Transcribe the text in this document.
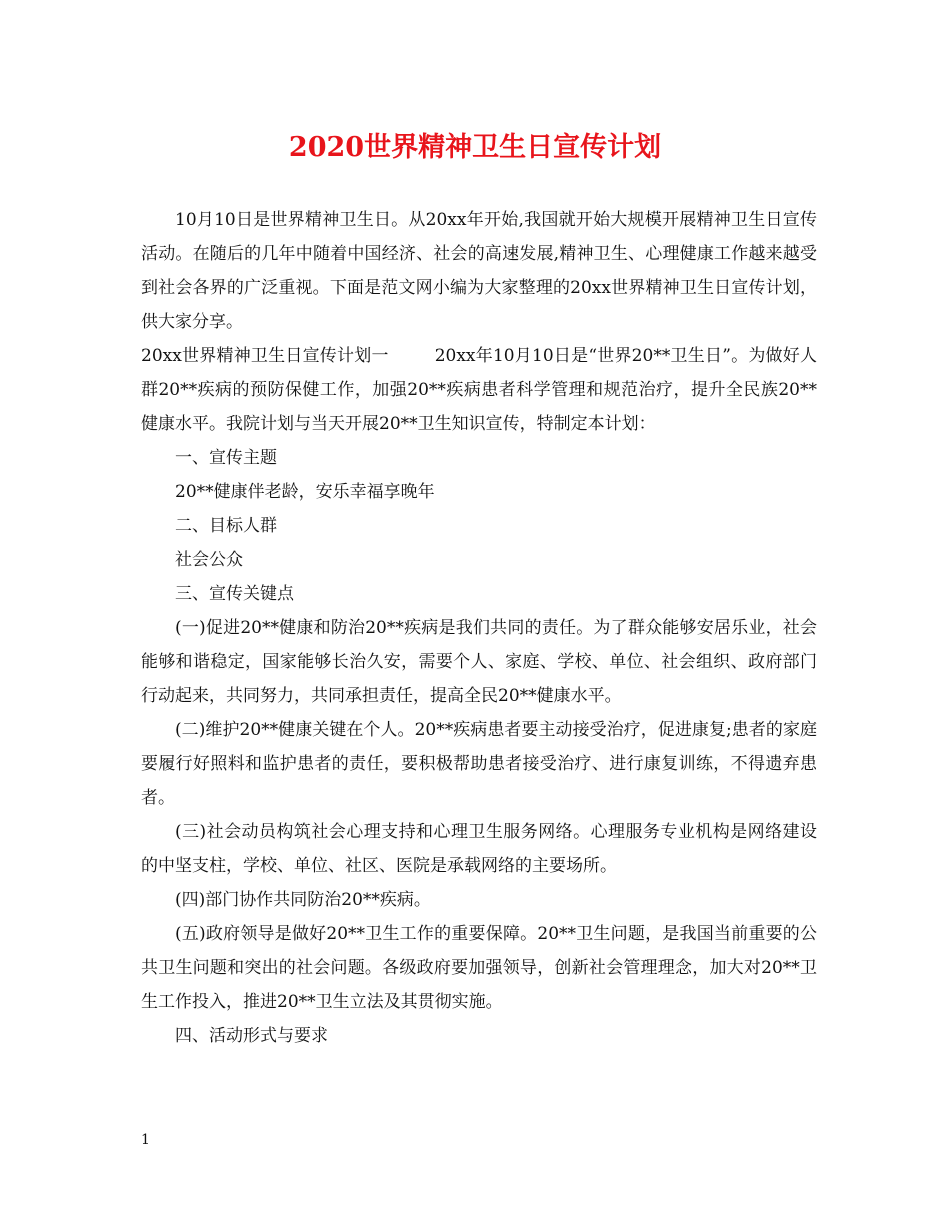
2020世界精神卫生日宣传计划

10月10日是世界精神卫生日。从20xx年开始,我国就开始大规模开展精神卫生日宣传活动。在随后的几年中随着中国经济、社会的高速发展,精神卫生、心理健康工作越来越受到社会各界的广泛重视。下面是范文网小编为大家整理的20xx世界精神卫生日宣传计划，供大家分享。

20xx世界精神卫生日宣传计划一	20xx年10月10日是“世界20**卫生日”。为做好人群20**疾病的预防保健工作，加强20**疾病患者科学管理和规范治疗，提升全民族20**健康水平。我院计划与当天开展20**卫生知识宣传，特制定本计划：

一、宣传主题

20**健康伴老龄，安乐幸福享晚年

二、目标人群

社会公众

三、宣传关键点

(一)促进20**健康和防治20**疾病是我们共同的责任。为了群众能够安居乐业，社会能够和谐稳定，国家能够长治久安，需要个人、家庭、学校、单位、社会组织、政府部门行动起来，共同努力，共同承担责任，提高全民20**健康水平。

(二)维护20**健康关键在个人。20**疾病患者要主动接受治疗，促进康复;患者的家庭要履行好照料和监护患者的责任，要积极帮助患者接受治疗、进行康复训练，不得遗弃患者。

(三)社会动员构筑社会心理支持和心理卫生服务网络。心理服务专业机构是网络建设的中坚支柱，学校、单位、社区、医院是承载网络的主要场所。

(四)部门协作共同防治20**疾病。

(五)政府领导是做好20**卫生工作的重要保障。20**卫生问题，是我国当前重要的公共卫生问题和突出的社会问题。各级政府要加强领导，创新社会管理理念，加大对20**卫生工作投入，推进20**卫生立法及其贯彻实施。

四、活动形式与要求

1
